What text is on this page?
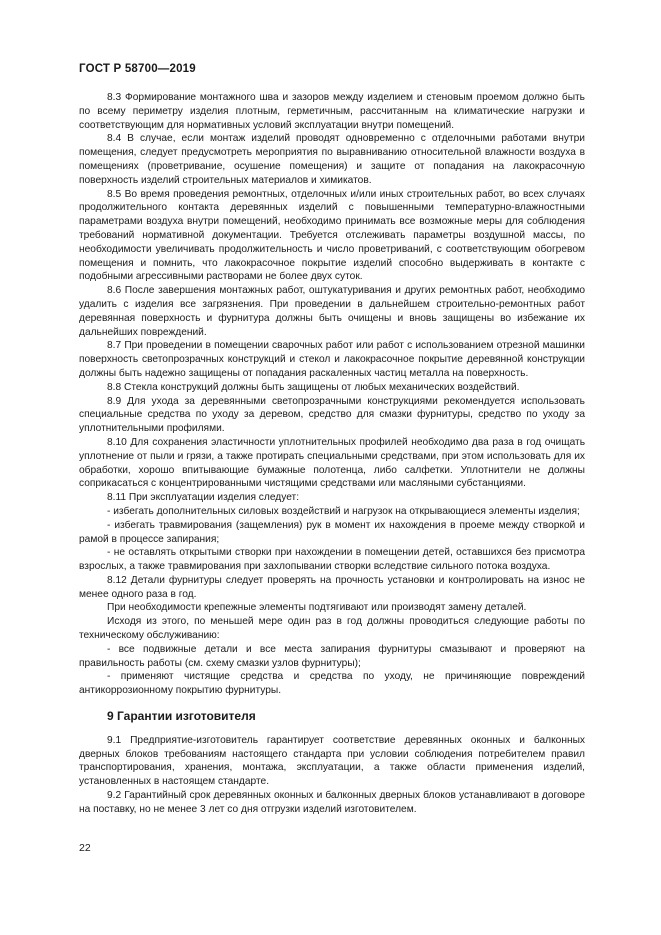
ГОСТ Р 58700—2019

8.3 Формирование монтажного шва и зазоров между изделием и стеновым проемом должно быть по всему периметру изделия плотным, герметичным, рассчитанным на климатические нагрузки и соответствующим для нормативных условий эксплуатации внутри помещений.

8.4 В случае, если монтаж изделий проводят одновременно с отделочными работами внутри помещения, следует предусмотреть мероприятия по выравниванию относительной влажности воздуха в помещениях (проветривание, осушение помещения) и защите от попадания на лакокрасочную поверхность изделий строительных материалов и химикатов.

8.5 Во время проведения ремонтных, отделочных и/или иных строительных работ, во всех случаях продолжительного контакта деревянных изделий с повышенными температурно-влажностными параметрами воздуха внутри помещений, необходимо принимать все возможные меры для соблюдения требований нормативной документации. Требуется отслеживать параметры воздушной массы, по необходимости увеличивать продолжительность и число проветриваний, с соответствующим обогревом помещения и помнить, что лакокрасочное покрытие изделий способно выдерживать в контакте с подобными агрессивными растворами не более двух суток.

8.6 После завершения монтажных работ, оштукатуривания и других ремонтных работ, необходимо удалить с изделия все загрязнения. При проведении в дальнейшем строительно-ремонтных работ деревянная поверхность и фурнитура должны быть очищены и вновь защищены во избежание их дальнейших повреждений.

8.7 При проведении в помещении сварочных работ или работ с использованием отрезной машинки поверхность светопрозрачных конструкций и стекол и лакокрасочное покрытие деревянной конструкции должны быть надежно защищены от попадания раскаленных частиц металла на поверхность.

8.8 Стекла конструкций должны быть защищены от любых механических воздействий.

8.9 Для ухода за деревянными светопрозрачными конструкциями рекомендуется использовать специальные средства по уходу за деревом, средство для смазки фурнитуры, средство по уходу за уплотнительными профилями.

8.10 Для сохранения эластичности уплотнительных профилей необходимо два раза в год очищать уплотнение от пыли и грязи, а также протирать специальными средствами, при этом использовать для их обработки, хорошо впитывающие бумажные полотенца, либо салфетки. Уплотнители не должны соприкасаться с концентрированными чистящими средствами или масляными субстанциями.

8.11 При эксплуатации изделия следует:

- избегать дополнительных силовых воздействий и нагрузок на открывающиеся элементы изделия;

- избегать травмирования (защемления) рук в момент их нахождения в проеме между створкой и рамой в процессе запирания;

- не оставлять открытыми створки при нахождении в помещении детей, оставшихся без присмотра взрослых, а также травмирования при захлопывании створки вследствие сильного потока воздуха.

8.12 Детали фурнитуры следует проверять на прочность установки и контролировать на износ не менее одного раза в год.

При необходимости крепежные элементы подтягивают или производят замену деталей.

Исходя из этого, по меньшей мере один раз в год должны проводиться следующие работы по техническому обслуживанию:

- все подвижные детали и все места запирания фурнитуры смазывают и проверяют на правильность работы (см. схему смазки узлов фурнитуры);

- применяют чистящие средства и средства по уходу, не причиняющие повреждений антикоррозионному покрытию фурнитуры.

9 Гарантии изготовителя

9.1 Предприятие-изготовитель гарантирует соответствие деревянных оконных и балконных дверных блоков требованиям настоящего стандарта при условии соблюдения потребителем правил транспортирования, хранения, монтажа, эксплуатации, а также области применения изделий, установленных в настоящем стандарте.

9.2 Гарантийный срок деревянных оконных и балконных дверных блоков устанавливают в договоре на поставку, но не менее 3 лет со дня отгрузки изделий изготовителем.

22
